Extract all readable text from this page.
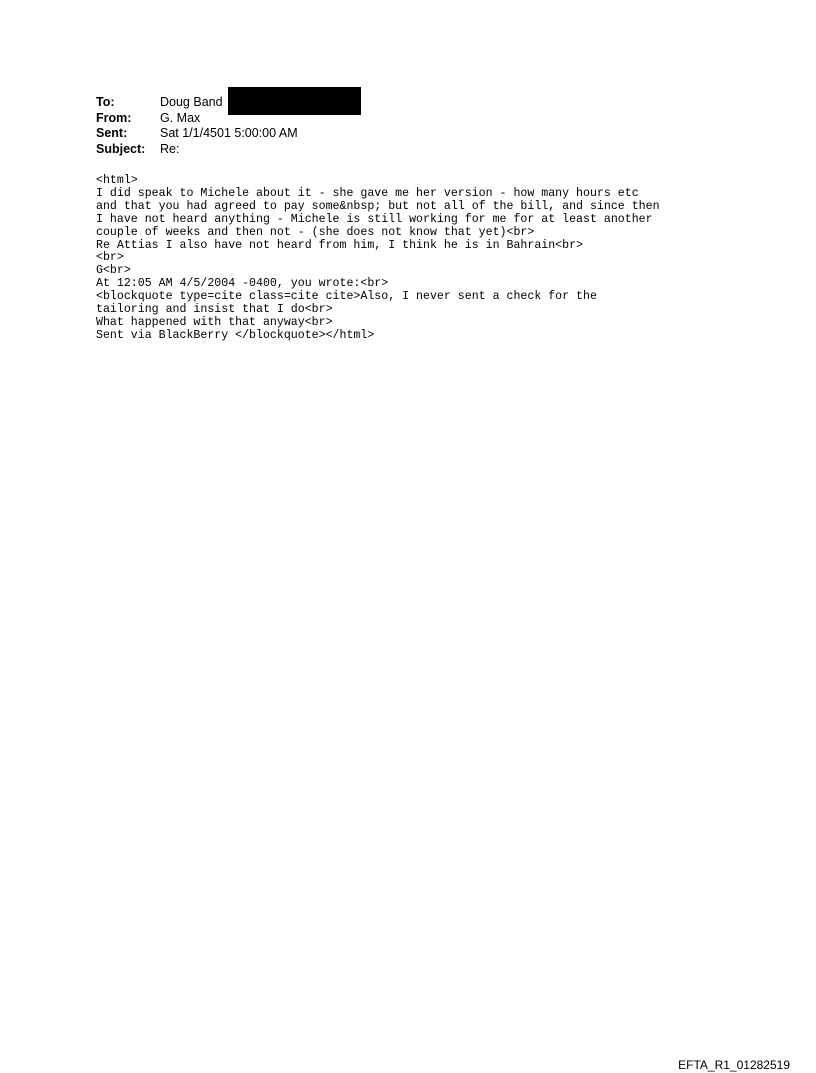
To:	Doug Band
From:	G. Max
Sent:	Sat 1/1/4501 5:00:00 AM
Subject:	Re:
<html>
I did speak to Michele about it - she gave me her version - how many hours etc
and that you had agreed to pay some&nbsp; but not all of the bill, and since then
I have not heard anything - Michele is still working for me for at least another
couple of weeks and then not - (she does not know that yet)<br>
Re Attias I also have not heard from him, I think he is in Bahrain<br>
<br>
G<br>
At 12:05 AM 4/5/2004 -0400, you wrote:<br>
<blockquote type=cite class=cite cite>Also, I never sent a check for the
tailoring and insist that I do<br>
What happened with that anyway<br>
Sent via BlackBerry </blockquote></html>
EFTA_R1_01282519
